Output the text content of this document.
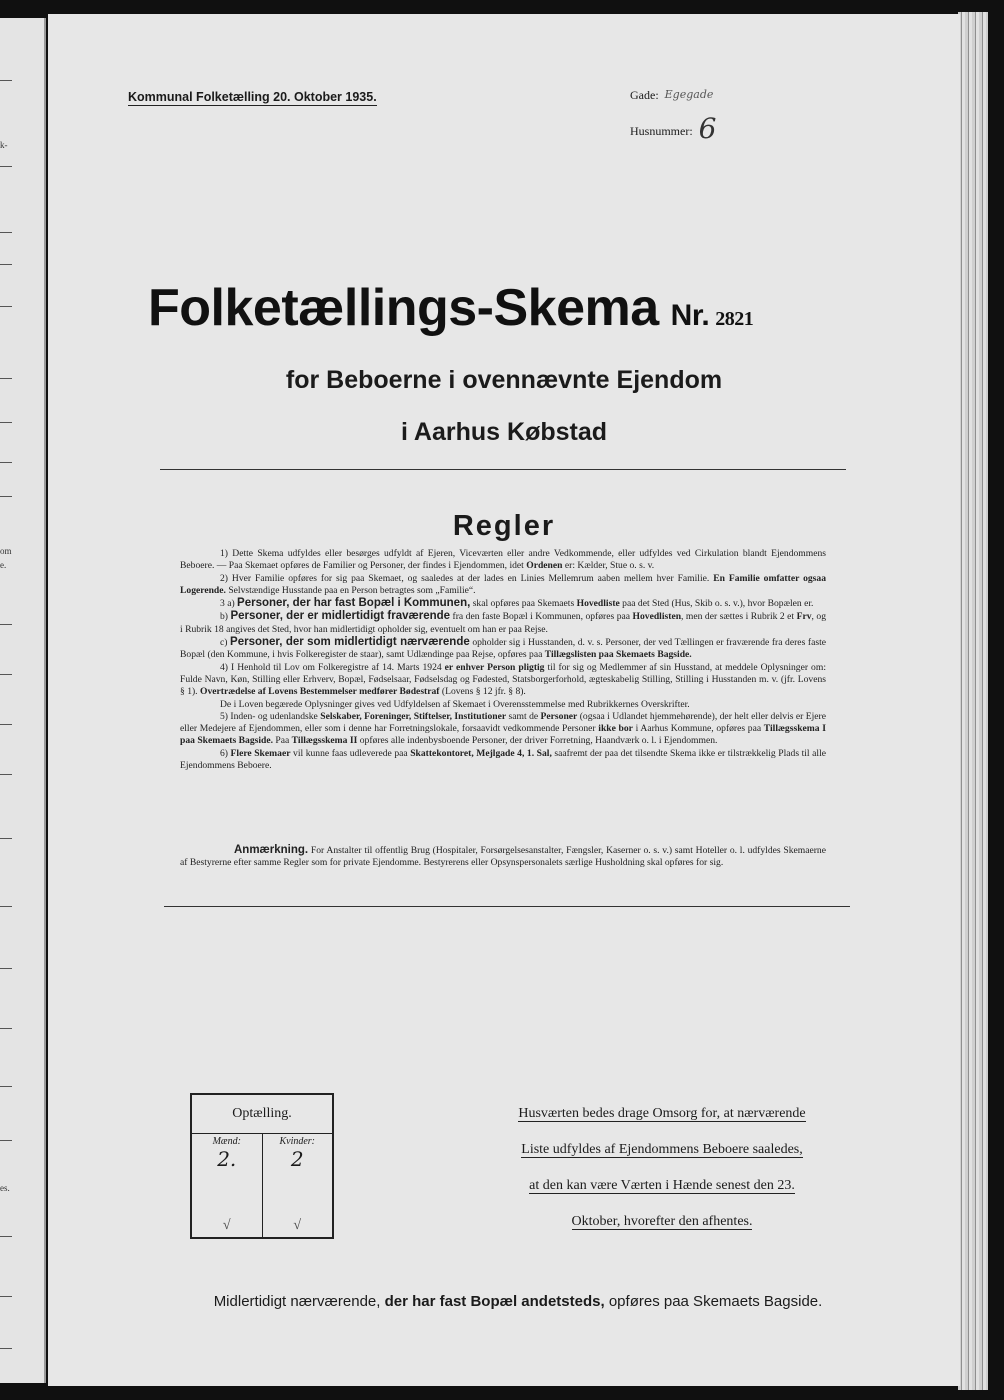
k-
om
e.
es.
Kommunal Folketælling 20. Oktober 1935.	Gade: Egegade
Husnummer: 6
Folketællings-Skema Nr. 2821
for Beboerne i ovennævnte Ejendom
i Aarhus Købstad
Regler

1) Dette Skema udfyldes eller besørges udfyldt af Ejeren, Viceværten eller andre Vedkommende, eller udfyldes ved Cirkulation blandt Ejendommens Beboere. — Paa Skemaet opføres de Familier og Personer, der findes i Ejendommen, idet Ordenen er: Kælder, Stue o. s. v.

2) Hver Familie opføres for sig paa Skemaet, og saaledes at der lades en Linies Mellemrum aaben mellem hver Familie. En Familie omfatter ogsaa Logerende. Selvstændige Husstande paa en Person betragtes som „Familie“.

3 a) Personer, der har fast Bopæl i Kommunen, skal opføres paa Skemaets Hovedliste paa det Sted (Hus, Skib o. s. v.), hvor Bopælen er.

b) Personer, der er midlertidigt fraværende fra den faste Bopæl i Kommunen, opføres paa Hovedlisten, men der sættes i Rubrik 2 et Frv, og i Rubrik 18 angives det Sted, hvor han midlertidigt opholder sig, eventuelt om han er paa Rejse.

c) Personer, der som midlertidigt nærværende opholder sig i Husstanden, d. v. s. Personer, der ved Tællingen er fraværende fra deres faste Bopæl (den Kommune, i hvis Folkeregister de staar), samt Udlændinge paa Rejse, opføres paa Tillægslisten paa Skemaets Bagside.

4) I Henhold til Lov om Folkeregistre af 14. Marts 1924 er enhver Person pligtig til for sig og Medlemmer af sin Husstand, at meddele Oplysninger om: Fulde Navn, Køn, Stilling eller Erhverv, Bopæl, Fødselsaar, Fødselsdag og Fødested, Statsborgerforhold, ægteskabelig Stilling, Stilling i Husstanden m. v. (jfr. Lovens § 1). Overtrædelse af Lovens Bestemmelser medfører Bødestraf (Lovens § 12 jfr. § 8).

De i Loven begærede Oplysninger gives ved Udfyldelsen af Skemaet i Overensstemmelse med Rubrikkernes Overskrifter.

5) Inden- og udenlandske Selskaber, Foreninger, Stiftelser, Institutioner samt de Personer (ogsaa i Udlandet hjemmehørende), der helt eller delvis er Ejere eller Medejere af Ejendommen, eller som i denne har Forretningslokale, forsaavidt vedkommende Personer ikke bor i Aarhus Kommune, opføres paa Tillægsskema I paa Skemaets Bagside. Paa Tillægsskema II opføres alle indenbysboende Personer, der driver Forretning, Haandværk o. l. i Ejendommen.

6) Flere Skemaer vil kunne faas udleverede paa Skattekontoret, Mejlgade 4, 1. Sal, saafremt der paa det tilsendte Skema ikke er tilstrækkelig Plads til alle Ejendommens Beboere.

Anmærkning. For Anstalter til offentlig Brug (Hospitaler, Forsørgelsesanstalter, Fængsler, Kaserner o. s. v.) samt Hoteller o. l. udfyldes Skemaerne af Bestyrerne efter samme Regler som for private Ejendomme. Bestyrerens eller Opsynspersonalets særlige Husholdning skal opføres for sig.
Optælling.
Mænd:
2.
√
Kvinder:
2
√
Husværten bedes drage Omsorg for, at nærværende
Liste udfyldes af Ejendommens Beboere saaledes,
at den kan være Værten i Hænde senest den 23.
Oktober, hvorefter den afhentes.
Midlertidigt nærværende, der har fast Bopæl andetsteds, opføres paa Skemaets Bagside.
